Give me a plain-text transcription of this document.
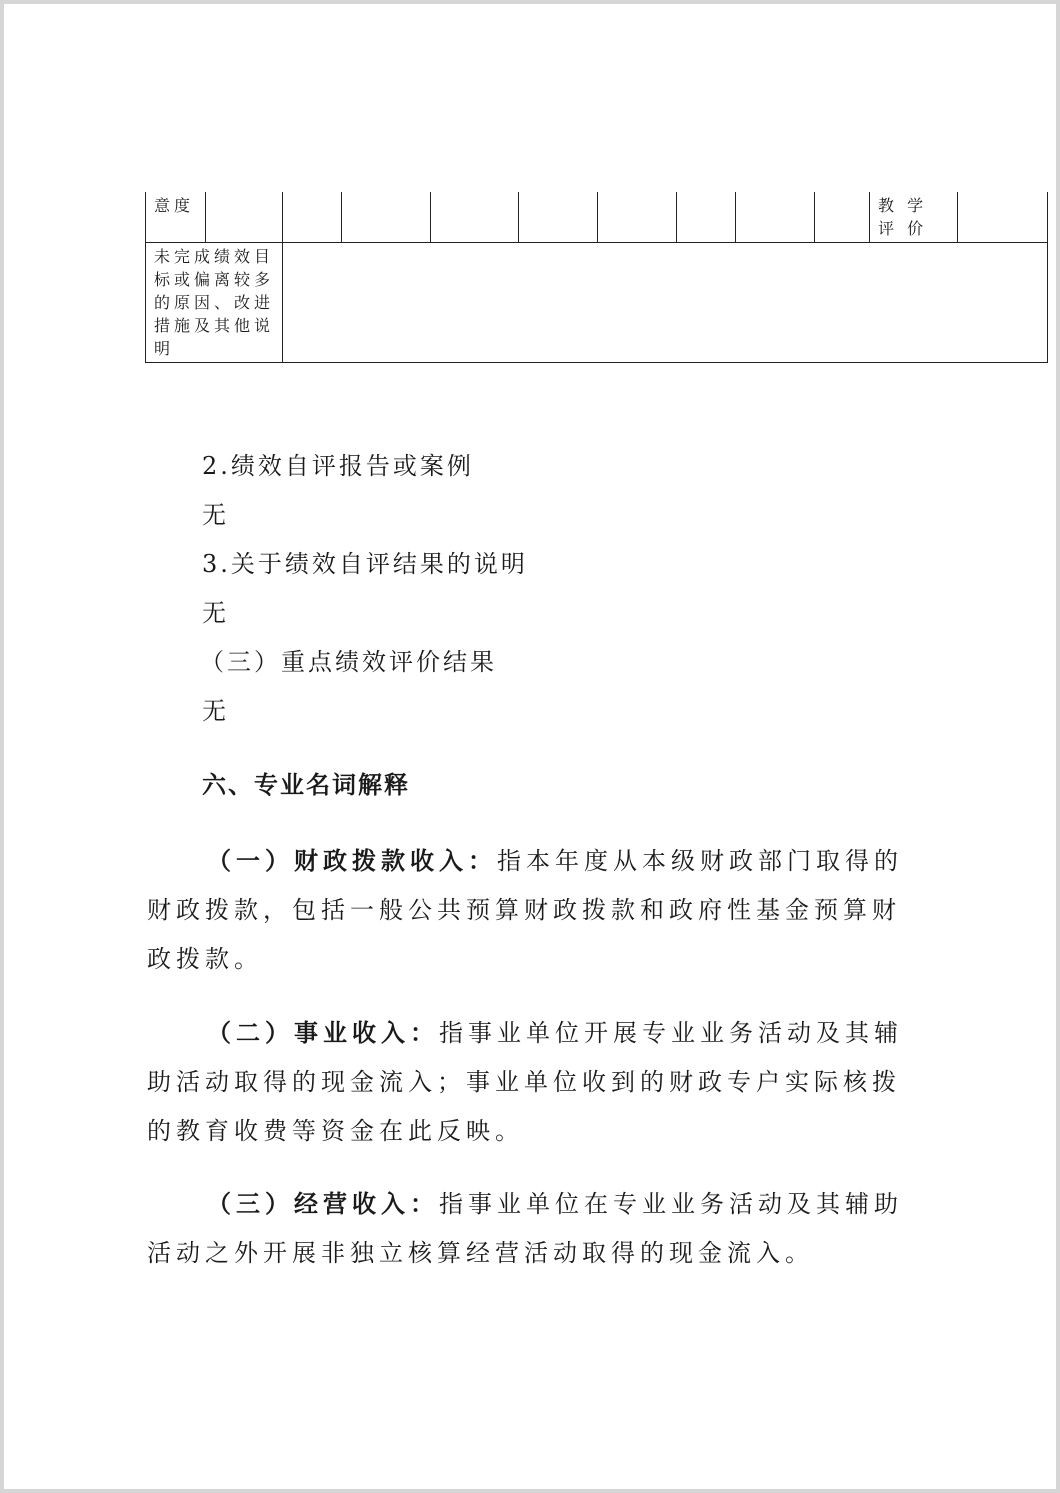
意度										教 学 评 价	
未完成绩效目标或偏离较多的原因、改进措施及其他说明											
2.绩效自评报告或案例
无
3.关于绩效自评结果的说明
无
（三）重点绩效评价结果
无
六、专业名词解释
（一）财政拨款收入：指本年度从本级财政部门取得的财政拨款，包括一般公共预算财政拨款和政府性基金预算财政拨款。
（二）事业收入：指事业单位开展专业业务活动及其辅助活动取得的现金流入；事业单位收到的财政专户实际核拨的教育收费等资金在此反映。
（三）经营收入：指事业单位在专业业务活动及其辅助活动之外开展非独立核算经营活动取得的现金流入。
